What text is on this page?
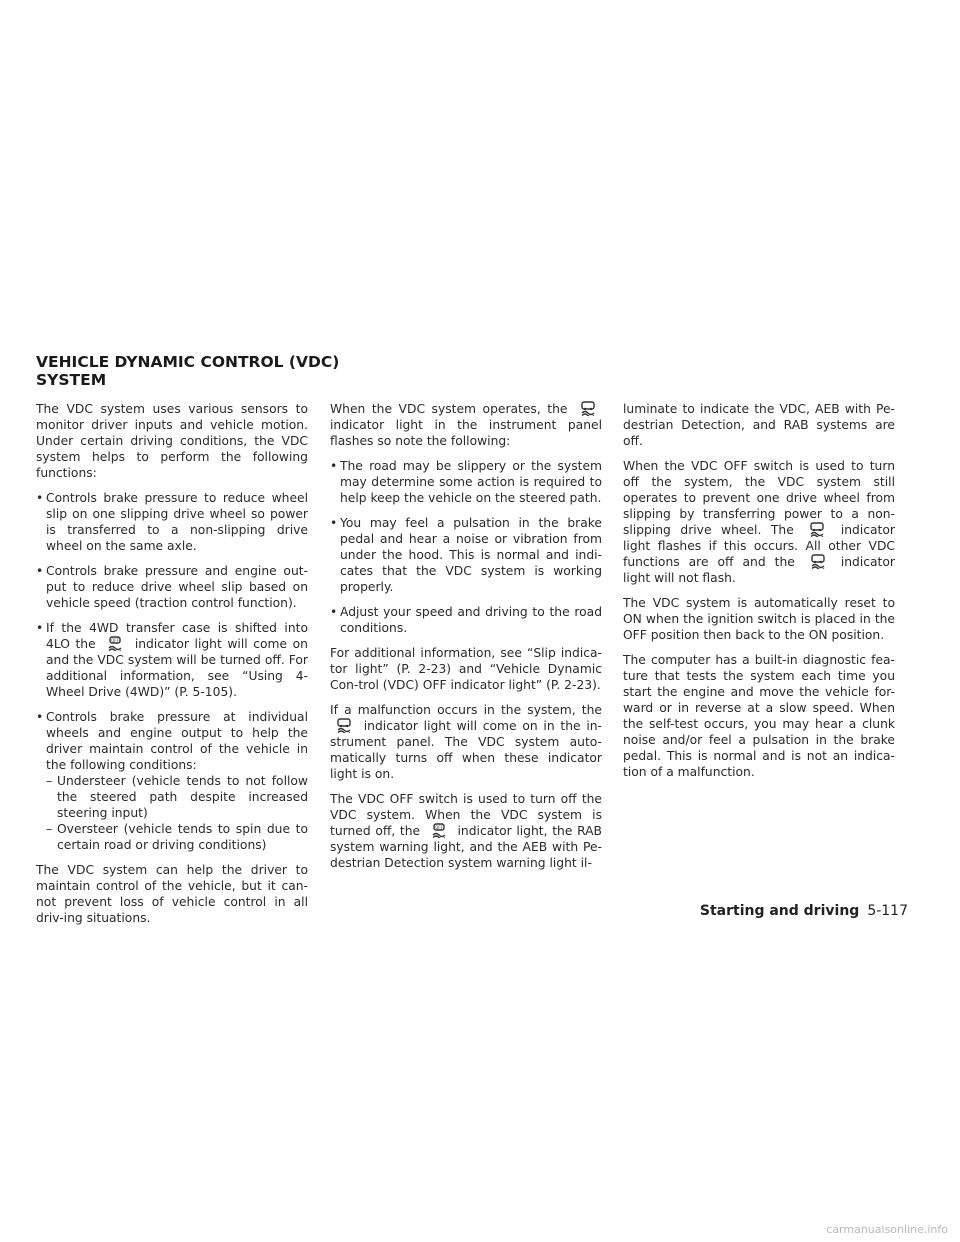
VEHICLE DYNAMIC CONTROL (VDC)
SYSTEM

The VDC system uses various sensors to monitor driver inputs and vehicle motion. Under certain driving conditions, the VDC system helps to perform the following functions:

• Controls brake pressure to reduce wheel slip on one slipping drive wheel so power is transferred to a non-slipping drive wheel on the same axle.
• Controls brake pressure and engine out-put to reduce drive wheel slip based on vehicle speed (traction control function).
• If the 4WD transfer case is shifted into 4LO the	OFF indicator light will come on and the VDC system will be turned off. For additional information, see “Using 4-Wheel Drive (4WD)” (P. 5-105).
• Controls brake pressure at individual wheels and engine output to help the driver maintain control of the vehicle in the following conditions:
– Understeer (vehicle tends to not follow the steered path despite increased steering input)
– Oversteer (vehicle tends to spin due to certain road or driving conditions)

The VDC system can help the driver to maintain control of the vehicle, but it can-not prevent loss of vehicle control in all driv-ing situations.

When the VDC system operates, the
indicator light in the instrument panel flashes so note the following:

• The road may be slippery or the system may determine some action is required to help keep the vehicle on the steered path.
• You may feel a pulsation in the brake pedal and hear a noise or vibration from under the hood. This is normal and indi-cates that the VDC system is working properly.
• Adjust your speed and driving to the road conditions.

For additional information, see “Slip indica-tor light” (P. 2-23) and “Vehicle Dynamic Con-trol (VDC) OFF indicator light” (P. 2-23).

If a malfunction occurs in the system, the
indicator light will come on in the in-strument panel. The VDC system auto-matically turns off when these indicator light is on.

The VDC OFF switch is used to turn off the VDC system. When the VDC system is turned off, the	OFF indicator light, the RAB system warning light, and the AEB with Pe-destrian Detection system warning light il-

luminate to indicate the VDC, AEB with Pe-destrian Detection, and RAB systems are off.

When the VDC OFF switch is used to turn off the system, the VDC system still operates to prevent one drive wheel from slipping by transferring power to a non-slipping drive wheel. The	indicator light flashes if this occurs. All other VDC functions are off and the	indicator light will not flash.

The VDC system is automatically reset to ON when the ignition switch is placed in the OFF position then back to the ON position.

The computer has a built-in diagnostic fea-ture that tests the system each time you start the engine and move the vehicle for-ward or in reverse at a slow speed. When the self-test occurs, you may hear a clunk noise and/or feel a pulsation in the brake pedal. This is normal and is not an indica-tion of a malfunction.

Starting and driving 5-117
carmanualsonline.info
